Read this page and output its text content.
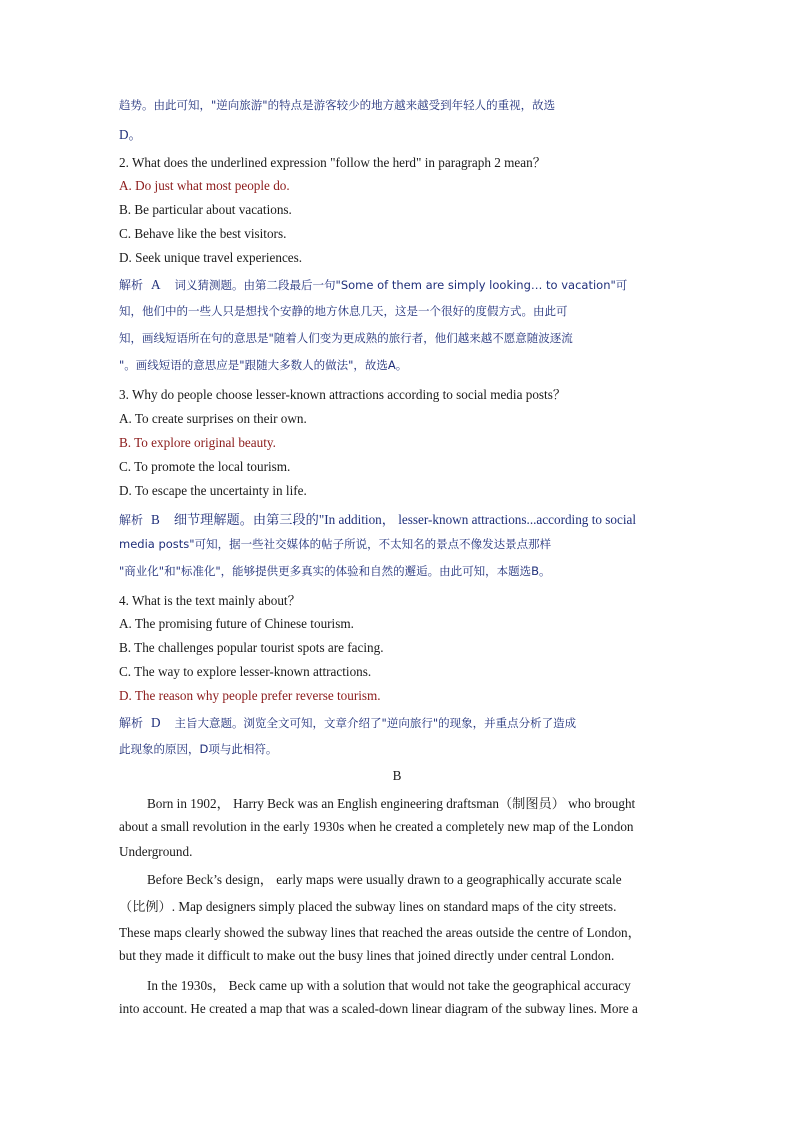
趋势。由此可知，"逆向旅游"的特点是游客较少的地方越来越受到年轻人的重视，故选
D。
2. What does the underlined expression "follow the herd" in paragraph 2 mean？
A. Do just what most people do.
B. Be particular about vacations.
C. Behave like the best visitors.
D. Seek unique travel experiences.
解析 A 词义猜测题。由第二段最后一句"Some of them are simply looking… to vacation"可
知，他们中的一些人只是想找个安静的地方休息几天，这是一个很好的度假方式。由此可
知，画线短语所在句的意思是"随着人们变为更成熟的旅行者，他们越来越不愿意随波逐流
"。画线短语的意思应是"跟随大多数人的做法"，故选A。
3. Why do people choose lesser-known attractions according to social media posts？
A. To create surprises on their own.
B. To explore original beauty.
C. To promote the local tourism.
D. To escape the uncertainty in life.
解析 B 细节理解题。由第三段的"In addition， lesser-known attractions...according to social
media posts"可知，据一些社交媒体的帖子所说，不太知名的景点不像发达景点那样
"商业化"和"标准化"，能够提供更多真实的体验和自然的邂逅。由此可知，本题选B。
4. What is the text mainly about？
A. The promising future of Chinese tourism.
B. The challenges popular tourist spots are facing.
C. The way to explore lesser-known attractions.
D. The reason why people prefer reverse tourism.
解析 D 主旨大意题。浏览全文可知，文章介绍了"逆向旅行"的现象，并重点分析了造成
此现象的原因，D项与此相符。
B
Born in 1902， Harry Beck was an English engineering draftsman（制图员） who brought
about a small revolution in the early 1930s when he created a completely new map of the London
Underground.
Before Beck’s design， early maps were usually drawn to a geographically accurate scale
（比例）. Map designers simply placed the subway lines on standard maps of the city streets.
These maps clearly showed the subway lines that reached the areas outside the centre of London，
but they made it difficult to make out the busy lines that joined directly under central London.
In the 1930s， Beck came up with a solution that would not take the geographical accuracy
into account. He created a map that was a scaled-down linear diagram of the subway lines. More a
